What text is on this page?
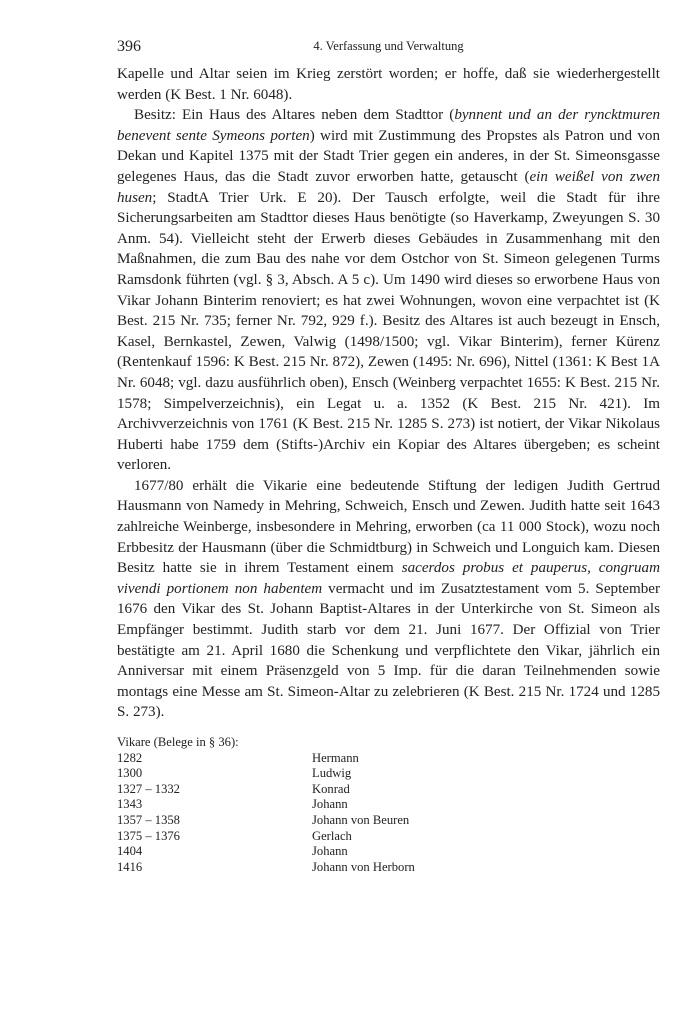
396	4. Verfassung und Verwaltung

Kapelle und Altar seien im Krieg zerstört worden; er hoffe, daß sie wiederhergestellt werden (K Best. 1 Nr. 6048).

Besitz: Ein Haus des Altares neben dem Stadttor (bynnent und an der ryncktmuren benevent sente Symeons porten) wird mit Zustimmung des Propstes als Patron und von Dekan und Kapitel 1375 mit der Stadt Trier gegen ein anderes, in der St. Simeonsgasse gelegenes Haus, das die Stadt zuvor erworben hatte, getauscht (ein weißel von zwen husen; StadtA Trier Urk. E 20). Der Tausch erfolgte, weil die Stadt für ihre Sicherungsarbeiten am Stadttor dieses Haus benötigte (so Haverkamp, Zweyungen S. 30 Anm. 54). Vielleicht steht der Erwerb dieses Gebäudes in Zusammenhang mit den Maßnahmen, die zum Bau des nahe vor dem Ostchor von St. Simeon gelegenen Turms Ramsdonk führten (vgl. § 3, Absch. A 5 c). Um 1490 wird dieses so erworbene Haus von Vikar Johann Binterim renoviert; es hat zwei Wohnungen, wovon eine verpachtet ist (K Best. 215 Nr. 735; ferner Nr. 792, 929 f.). Besitz des Altares ist auch bezeugt in Ensch, Kasel, Bernkastel, Zewen, Valwig (1498/1500; vgl. Vikar Binterim), ferner Kürenz (Rentenkauf 1596: K Best. 215 Nr. 872), Zewen (1495: Nr. 696), Nittel (1361: K Best 1A Nr. 6048; vgl. dazu ausführlich oben), Ensch (Weinberg verpachtet 1655: K Best. 215 Nr. 1578; Simpelverzeichnis), ein Legat u. a. 1352 (K Best. 215 Nr. 421). Im Archivverzeichnis von 1761 (K Best. 215 Nr. 1285 S. 273) ist notiert, der Vikar Nikolaus Huberti habe 1759 dem (Stifts-)Archiv ein Kopiar des Altares übergeben; es scheint verloren.

1677/80 erhält die Vikarie eine bedeutende Stiftung der ledigen Judith Gertrud Hausmann von Namedy in Mehring, Schweich, Ensch und Zewen. Judith hatte seit 1643 zahlreiche Weinberge, insbesondere in Mehring, erworben (ca 11 000 Stock), wozu noch Erbbesitz der Hausmann (über die Schmidtburg) in Schweich und Longuich kam. Diesen Besitz hatte sie in ihrem Testament einem sacerdos probus et pauperus, congruam vivendi portionem non habentem vermacht und im Zusatztestament vom 5. September 1676 den Vikar des St. Johann Baptist-Altares in der Unterkirche von St. Simeon als Empfänger bestimmt. Judith starb vor dem 21. Juni 1677. Der Offizial von Trier bestätigte am 21. April 1680 die Schenkung und verpflichtete den Vikar, jährlich ein Anniversar mit einem Präsenzgeld von 5 Imp. für die daran Teilnehmenden sowie montags eine Messe am St. Simeon-Altar zu zelebrieren (K Best. 215 Nr. 1724 und 1285 S. 273).

Vikare (Belege in § 36):

1282	Hermann
1300	Ludwig
1327 – 1332	Konrad
1343	Johann
1357 – 1358	Johann von Beuren
1375 – 1376	Gerlach
1404	Johann
1416	Johann von Herborn
